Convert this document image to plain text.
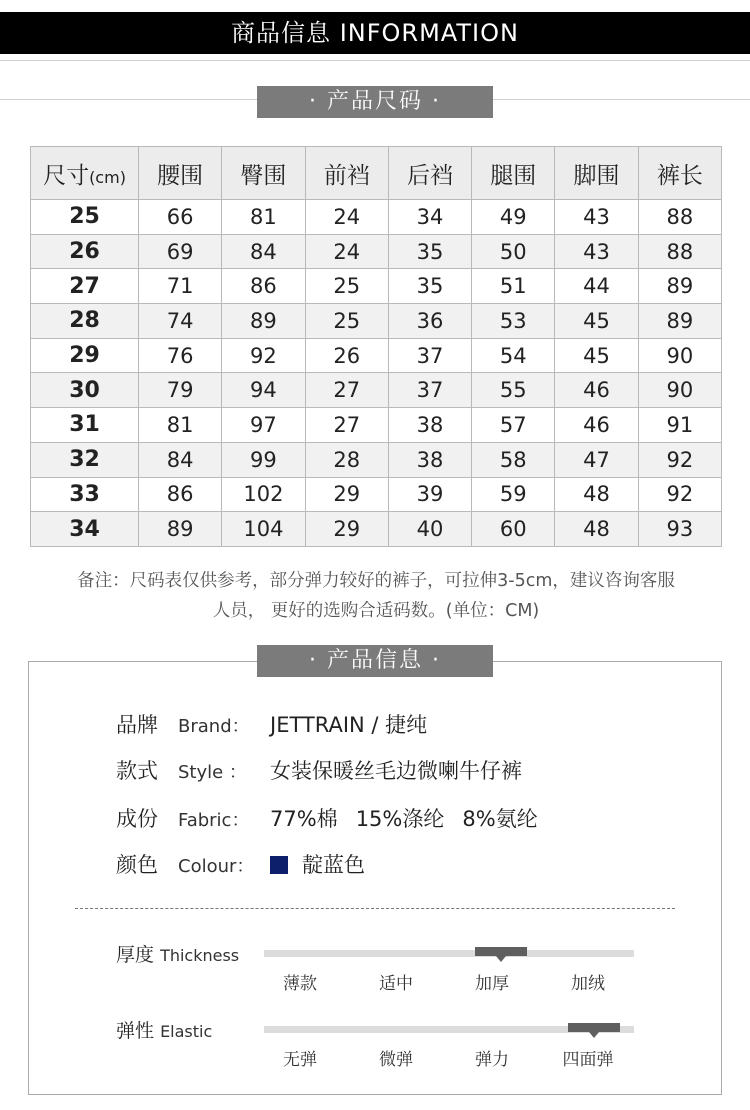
商品信息 INFORMATION
· 产品尺码 ·
尺寸(cm)	腰围	臀围	前裆	后裆	腿围	脚围	裤长
25	66	81	24	34	49	43	88
26	69	84	24	35	50	43	88
27	71	86	25	35	51	44	89
28	74	89	25	36	53	45	89
29	76	92	26	37	54	45	90
30	79	94	27	37	55	46	90
31	81	97	27	38	57	46	91
32	84	99	28	38	58	47	92
33	86	102	29	39	59	48	92
34	89	104	29	40	60	48	93
备注：尺码表仅供参考，部分弹力较好的裤子，可拉伸3-5cm，建议咨询客服
人员， 更好的选购合适码数。(单位：CM)
· 产品信息 ·
品牌 Brand： JETTRAIN / 捷纯
款式 Style ： 女装保暖丝毛边微喇牛仔裤
成份 Fabric： 77%棉 15%涤纶 8%氨纶
颜色 Colour： 靛蓝色
厚度 Thickness
薄款	适中	加厚	加绒
弹性 Elastic
无弹	微弹	弹力	四面弹
